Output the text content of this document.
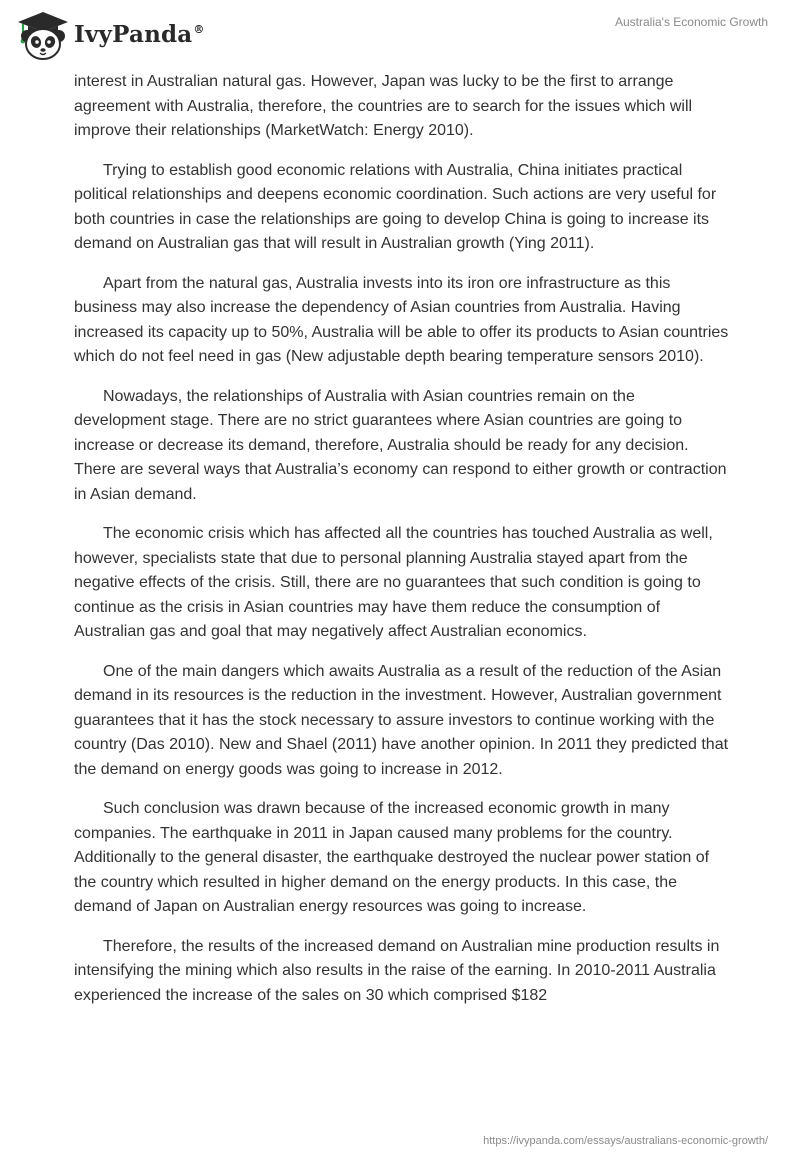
IvyPanda®
Australia's Economic Growth

interest in Australian natural gas. However, Japan was lucky to be the first to arrange agreement with Australia, therefore, the countries are to search for the issues which will improve their relationships (MarketWatch: Energy 2010).

Trying to establish good economic relations with Australia, China initiates practical political relationships and deepens economic coordination. Such actions are very useful for both countries in case the relationships are going to develop China is going to increase its demand on Australian gas that will result in Australian growth (Ying 2011).

Apart from the natural gas, Australia invests into its iron ore infrastructure as this business may also increase the dependency of Asian countries from Australia. Having increased its capacity up to 50%, Australia will be able to offer its products to Asian countries which do not feel need in gas (New adjustable depth bearing temperature sensors 2010).

Nowadays, the relationships of Australia with Asian countries remain on the development stage. There are no strict guarantees where Asian countries are going to increase or decrease its demand, therefore, Australia should be ready for any decision. There are several ways that Australia’s economy can respond to either growth or contraction in Asian demand.

The economic crisis which has affected all the countries has touched Australia as well, however, specialists state that due to personal planning Australia stayed apart from the negative effects of the crisis. Still, there are no guarantees that such condition is going to continue as the crisis in Asian countries may have them reduce the consumption of Australian gas and goal that may negatively affect Australian economics.

One of the main dangers which awaits Australia as a result of the reduction of the Asian demand in its resources is the reduction in the investment. However, Australian government guarantees that it has the stock necessary to assure investors to continue working with the country (Das 2010). New and Shael (2011) have another opinion. In 2011 they predicted that the demand on energy goods was going to increase in 2012.

Such conclusion was drawn because of the increased economic growth in many companies. The earthquake in 2011 in Japan caused many problems for the country. Additionally to the general disaster, the earthquake destroyed the nuclear power station of the country which resulted in higher demand on the energy products. In this case, the demand of Japan on Australian energy resources was going to increase.

Therefore, the results of the increased demand on Australian mine production results in intensifying the mining which also results in the raise of the earning. In 2010-2011 Australia experienced the increase of the sales on 30 which comprised $182

https://ivypanda.com/essays/australians-economic-growth/
